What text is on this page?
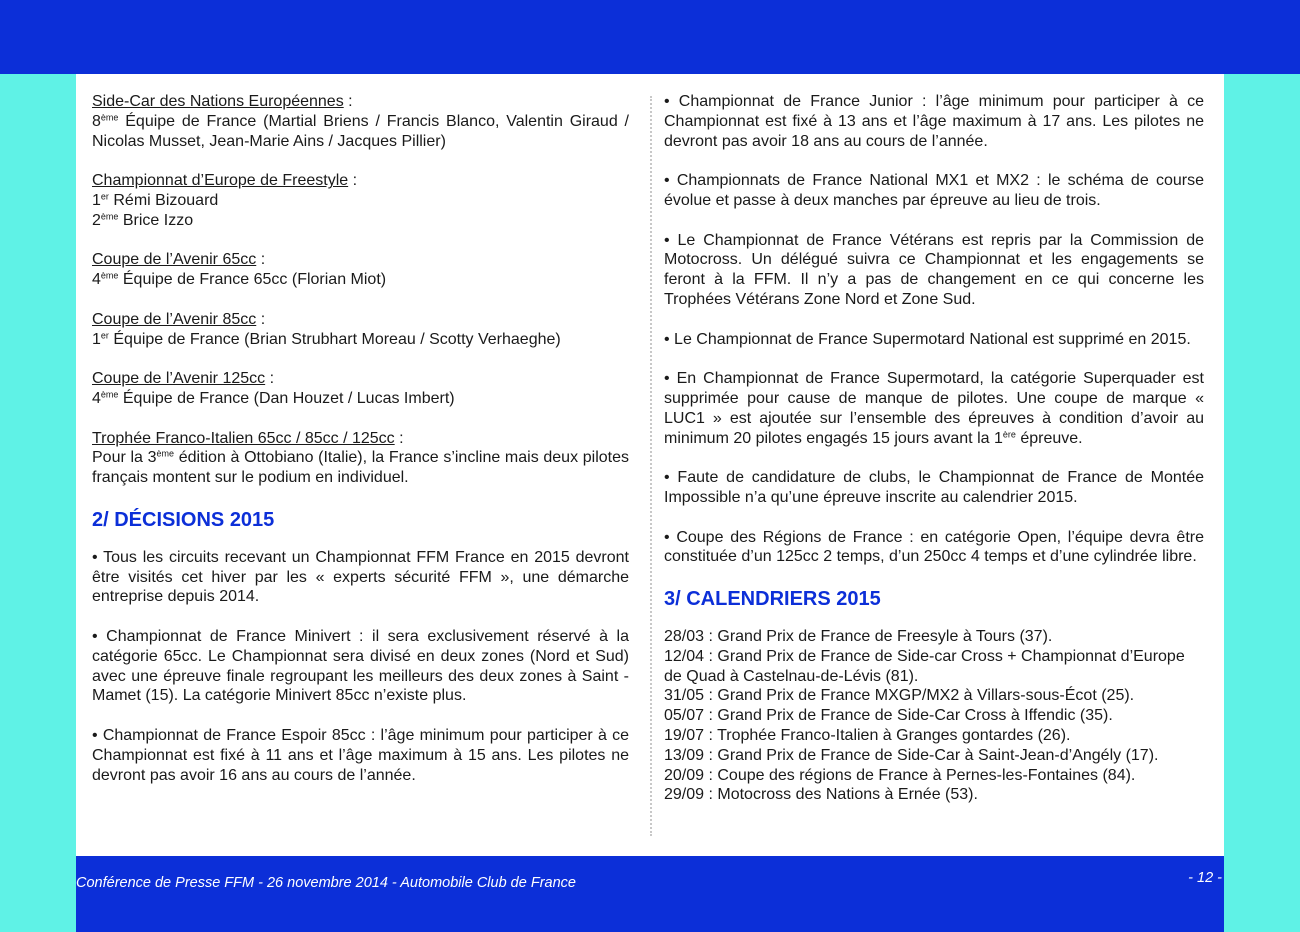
Side-Car des Nations Européennes :
8ème Équipe de France (Martial Briens / Francis Blanco, Valentin Giraud / Nicolas Musset, Jean-Marie Ains / Jacques Pillier)
Championnat d’Europe de Freestyle :
1er Rémi Bizouard
2ème Brice Izzo
Coupe de l’Avenir 65cc :
4ème Équipe de France 65cc (Florian Miot)
Coupe de l’Avenir 85cc :
1er Équipe de France (Brian Strubhart Moreau / Scotty Verhaeghe)
Coupe de l’Avenir 125cc :
4ème Équipe de France (Dan Houzet / Lucas Imbert)
Trophée Franco-Italien 65cc / 85cc / 125cc :
Pour la 3ème édition à Ottobiano (Italie), la France s’incline mais deux pilotes français montent sur le podium en individuel.
2/ DÉCISIONS 2015
• Tous les circuits recevant un Championnat FFM France en 2015 devront être visités cet hiver par les « experts sécurité FFM », une démarche entreprise depuis 2014.
• Championnat de France Minivert : il sera exclusivement réservé à la catégorie 65cc. Le Championnat sera divisé en deux zones (Nord et Sud) avec une épreuve finale regroupant les meilleurs des deux zones à Saint -Mamet (15). La catégorie Minivert 85cc n’existe plus.
• Championnat de France Espoir 85cc : l’âge minimum pour participer à ce Championnat est fixé à 11 ans et l’âge maximum à 15 ans. Les pilotes ne devront pas avoir 16 ans au cours de l’année.
• Championnat de France Junior : l’âge minimum pour participer à ce Championnat est fixé à 13 ans et l’âge maximum à 17 ans. Les pilotes ne devront pas avoir 18 ans au cours de l’année.
• Championnats de France National MX1 et MX2 : le schéma de course évolue et passe à deux manches par épreuve au lieu de trois.
• Le Championnat de France Vétérans est repris par la Commission de Motocross. Un délégué suivra ce Championnat et les engagements se feront à la FFM. Il n’y a pas de changement en ce qui concerne les Trophées Vétérans Zone Nord et Zone Sud.
• Le Championnat de France Supermotard National est supprimé en 2015.
• En Championnat de France Supermotard, la catégorie Superquader est supprimée pour cause de manque de pilotes. Une coupe de marque « LUC1 » est ajoutée sur l’ensemble des épreuves à condition d’avoir au minimum 20 pilotes engagés 15 jours avant la 1ère épreuve.
• Faute de candidature de clubs, le Championnat de France de Montée Impossible n’a qu’une épreuve inscrite au calendrier 2015.
• Coupe des Régions de France : en catégorie Open, l’équipe devra être constituée d’un 125cc 2 temps, d’un 250cc 4 temps et d’une cylindrée libre.
3/ CALENDRIERS 2015
28/03 : Grand Prix de France de Freesyle à Tours (37).
12/04 : Grand Prix de France de Side-car Cross + Championnat d’Europe de Quad à Castelnau-de-Lévis (81).
31/05 : Grand Prix de France MXGP/MX2 à Villars-sous-Écot (25).
05/07 : Grand Prix de France de Side-Car Cross à Iffendic (35).
19/07 : Trophée Franco-Italien à Granges gontardes (26).
13/09 : Grand Prix de France de Side-Car à Saint-Jean-d’Angély (17).
20/09 : Coupe des régions de France à Pernes-les-Fontaines (84).
29/09 : Motocross des Nations à Ernée (53).
Conférence de Presse FFM - 26 novembre 2014 - Automobile Club de France	- 12 -
